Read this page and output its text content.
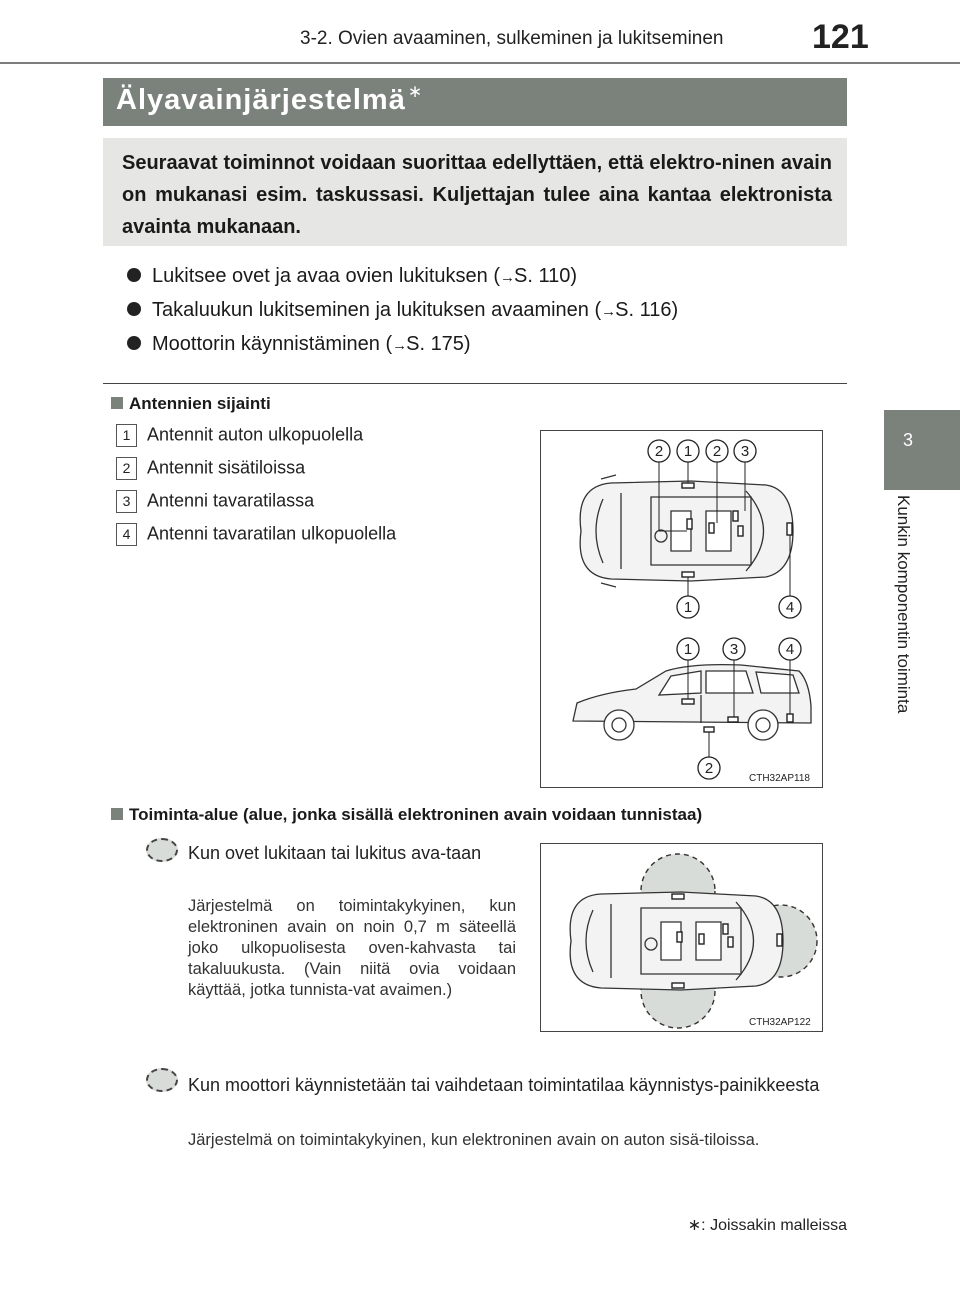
3-2. Ovien avaaminen, sulkeminen ja lukitseminen	121
3
Kunkin komponentin toiminta
Älyavainjärjestelmä ∗
Seuraavat toiminnot voidaan suorittaa edellyttäen, että elektro-ninen avain on mukanasi esim. taskussasi. Kuljettajan tulee aina kantaa elektronista avainta mukanaan.
Lukitsee ovet ja avaa ovien lukituksen (→S. 110)
Takaluukun lukitseminen ja lukituksen avaaminen (→S. 116)
Moottorin käynnistäminen (→S. 175)
Antennien sijainti
1 Antennit auton ulkopuolella
2 Antennit sisätiloissa
3 Antenni tavaratilassa
4 Antenni tavaratilan ulkopuolella
2 1 2 3
1	4
1	3	4
2
CTH32AP118
Toiminta-alue (alue, jonka sisällä elektroninen avain voidaan tunnistaa)
Kun ovet lukitaan tai lukitus ava-taan
Järjestelmä on toimintakykyinen, kun elektroninen avain on noin 0,7 m säteellä joko ulkopuolisesta oven-kahvasta tai takaluukusta. (Vain niitä ovia voidaan käyttää, jotka tunnista-vat avaimen.)
CTH32AP122
Kun moottori käynnistetään tai vaihdetaan toimintatilaa käynnistys-painikkeesta
Järjestelmä on toimintakykyinen, kun elektroninen avain on auton sisä-tiloissa.
∗: Joissakin malleissa
